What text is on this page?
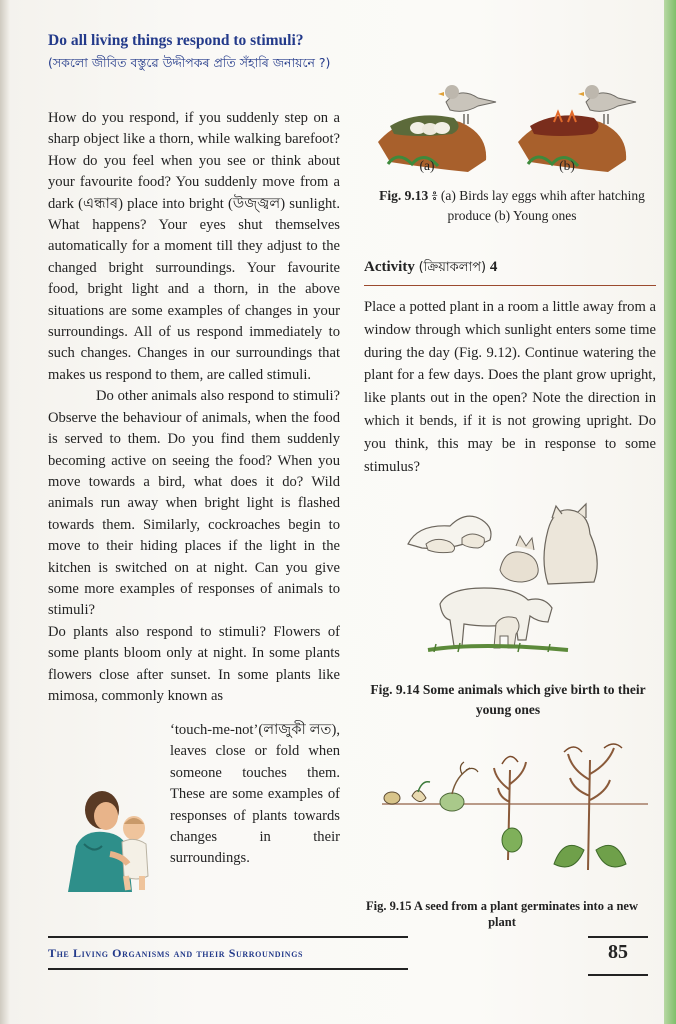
Do all living things respond to stimuli?
(সকলো জীবিত বস্তুৱে উদ্দীপকৰ প্ৰতি সঁহাৰি জনায়নে ?)

How do you respond, if you suddenly step on a sharp object like a thorn, while walking barefoot? How do you feel when you see or think about your favourite food? You suddenly move from a dark (এন্ধাৰ) place into bright (উজ্জ্বল) sunlight. What happens? Your eyes shut themselves automatically for a moment till they adjust to the changed bright surroundings. Your favourite food, bright light and a thorn, in the above situations are some examples of changes in your surroundings. All of us respond immediately to such changes. Changes in our surroundings that makes us respond to them, are called stimuli.

Do other animals also respond to stimuli? Observe the behaviour of animals, when the food is served to them. Do you find them suddenly becoming active on seeing the food? When you move towards a bird, what does it do? Wild animals run away when bright light is flashed towards them. Similarly, cockroaches begin to move to their hiding places if the light in the kitchen is switched on at night. Can you give some more examples of responses of animals to stimuli?

Do plants also respond to stimuli? Flowers of some plants bloom only at night. In some plants flowers close after sunset. In some plants like mimosa, commonly known as

‘touch-me-not’(লাজুকী লত), leaves close or fold when someone touches them. These are some examples of responses of plants towards changes in their surroundings.
(a)	(b)
Fig. 9.13 ៖ (a) Birds lay eggs whih after hatching produce (b) Young ones
Activity (ক্রিয়াকলাপ) 4

Place a potted plant in a room a little away from a window through which sunlight enters some time during the day (Fig. 9.12). Continue watering the plant for a few days. Does the plant grow upright, like plants out in the open? Note the direction in which it bends, if it is not growing upright. Do you think, this may be in response to some stimulus?

Fig. 9.14 Some animals which give birth to their young ones
Fig. 9.15 A seed from a plant germinates into a new plant
The Living Organisms and their Surroundings	85
